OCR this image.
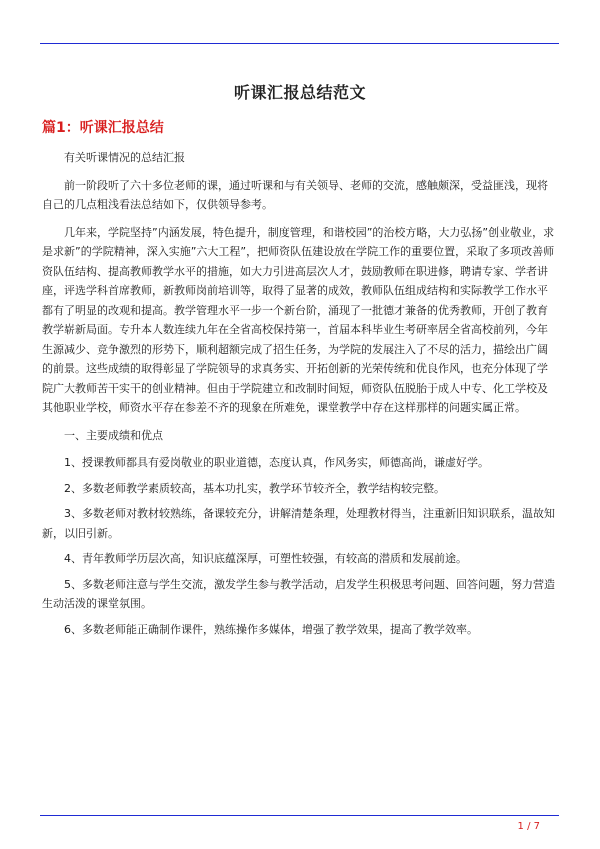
听课汇报总结范文
篇1：听课汇报总结

有关听课情况的总结汇报

前一阶段听了六十多位老师的课，通过听课和与有关领导、老师的交流，感触颇深，受益匪浅，现将自己的几点粗浅看法总结如下，仅供领导参考。

几年来，学院坚持”内涵发展，特色提升，制度管理，和谐校园”的治校方略，大力弘扬”创业敬业，求是求新”的学院精神，深入实施”六大工程”，把师资队伍建设放在学院工作的重要位置，采取了多项改善师资队伍结构、提高教师教学水平的措施，如大力引进高层次人才，鼓励教师在职进修，聘请专家、学者讲座，评选学科首席教师，新教师岗前培训等，取得了显著的成效，教师队伍组成结构和实际教学工作水平都有了明显的改观和提高。教学管理水平一步一个新台阶，涌现了一批德才兼备的优秀教师，开创了教育教学崭新局面。专升本人数连续九年在全省高校保持第一，首届本科毕业生考研率居全省高校前列，今年生源减少、竞争激烈的形势下，顺利超额完成了招生任务，为学院的发展注入了不尽的活力，描绘出广阔的前景。这些成绩的取得彰显了学院领导的求真务实、开拓创新的光荣传统和优良作风，也充分体现了学院广大教师苦干实干的创业精神。但由于学院建立和改制时间短，师资队伍脱胎于成人中专、化工学校及其他职业学校，师资水平存在参差不齐的现象在所难免，课堂教学中存在这样那样的问题实属正常。

一、主要成绩和优点

1、授课教师都具有爱岗敬业的职业道德，态度认真，作风务实，师德高尚，谦虚好学。

2、多数老师教学素质较高，基本功扎实，教学环节较齐全，教学结构较完整。

3、多数老师对教材较熟练，备课较充分，讲解清楚条理，处理教材得当，注重新旧知识联系，温故知新，以旧引新。

4、青年教师学历层次高，知识底蕴深厚，可塑性较强，有较高的潜质和发展前途。

5、多数老师注意与学生交流，激发学生参与教学活动，启发学生积极思考问题、回答问题，努力营造生动活泼的课堂氛围。

6、多数老师能正确制作课件，熟练操作多媒体，增强了教学效果，提高了教学效率。

1 / 7
